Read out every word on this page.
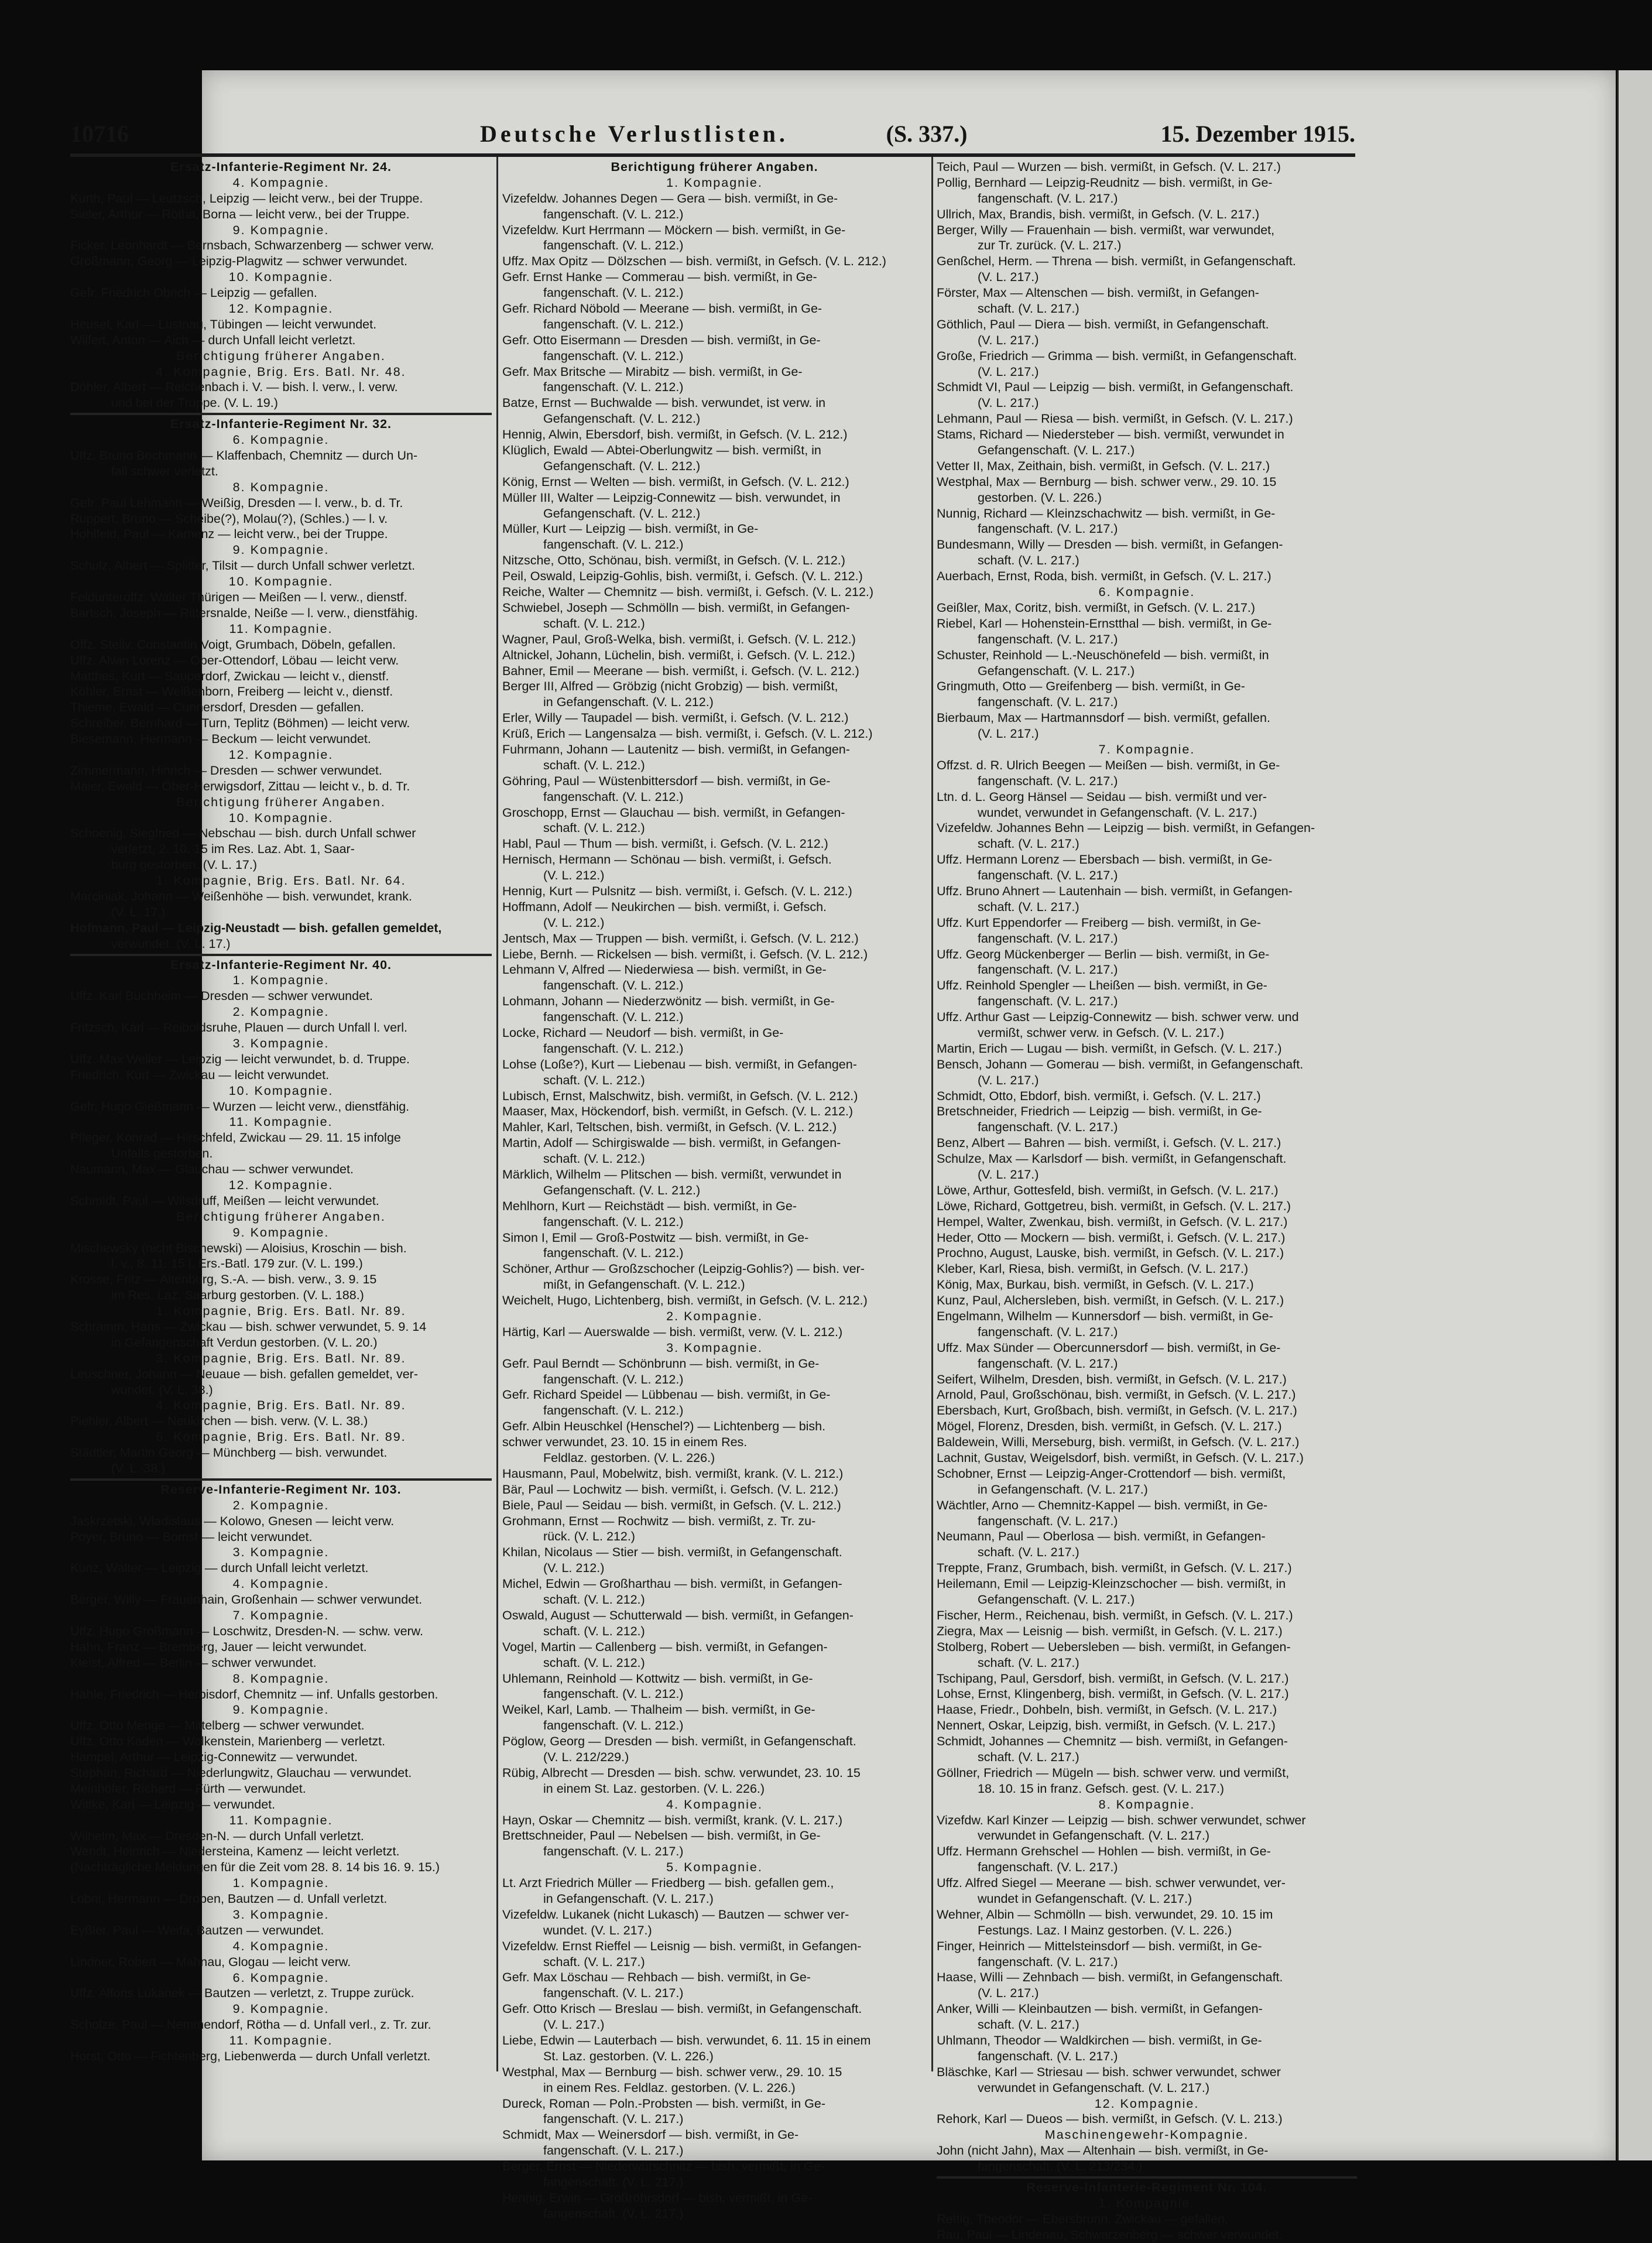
10716	Deutsche Verlustlisten.	(S. 337.)	15. Dezember 1915.
Ersatz-Infanterie-Regiment Nr. 24.
4. Kompagnie.
Kurth, Paul — Leutzsch, Leipzig — leicht verw., bei der Truppe.
Sieler, Arthur — Rötha, Borna — leicht verw., bei der Truppe.
9. Kompagnie.
Ficker, Leonhardt — Bernsbach, Schwarzenberg — schwer verw.
Großmann, Georg — Leipzig-Plagwitz — schwer verwundet.
10. Kompagnie.
Gefr. Friedrich Obrich — Leipzig — gefallen.
12. Kompagnie.
Heusel, Karl — Lustnau, Tübingen — leicht verwundet.
Wilfert, Anton — Aich — durch Unfall leicht verletzt.
Berichtigung früherer Angaben.
4. Kompagnie, Brig. Ers. Batl. Nr. 48.
Döhler, Albert — Reichenbach i. V. — bish. l. verw., l. verw.
und bei der Truppe. (V. L. 19.)
Ersatz-Infanterie-Regiment Nr. 32.
6. Kompagnie.
Uffz. Bruno Bochmann — Klaffenbach, Chemnitz — durch Un-
fall schwer verletzt.
8. Kompagnie.
Gefr. Paul Lehmann — Weißig, Dresden — l. verw., b. d. Tr.
Ruppert, Bruno — Scheibe(?), Molau(?), (Schles.) — l. v.
Hohlfeld, Paul — Kamenz — leicht verw., bei der Truppe.
9. Kompagnie.
Schulz, Albert — Splitter, Tilsit — durch Unfall schwer verletzt.
10. Kompagnie.
Feldunteroffz. Walter Thürigen — Meißen — l. verw., dienstf.
Bartsch, Joseph — Rittersnalde, Neiße — l. verw., dienstfähig.
11. Kompagnie.
Offz. Stellv. Constantin Voigt, Grumbach, Döbeln, gefallen.
Uffz. Alwin Lorenz — Ober-Ottendorf, Löbau — leicht verw.
Matthes, Kurt — Sauperdorf, Zwickau — leicht v., dienstf.
Köhler, Ernst — Weißenborn, Freiberg — leicht v., dienstf.
Thieme, Ewald — Cunnersdorf, Dresden — gefallen.
Schreiber, Bernhard — Turn, Teplitz (Böhmen) — leicht verw.
Biesemann, Hermann — Beckum — leicht verwundet.
12. Kompagnie.
Zimmermann, Hinrich — Dresden — schwer verwundet.
Maier, Ewald — Ober-Herwigsdorf, Zittau — leicht v., b. d. Tr.
Berichtigung früherer Angaben.
10. Kompagnie.
Schoenig, Siegfried — Nebschau — bish. durch Unfall schwer
verletzt, 2. 10. 15 im Res. Laz. Abt. 1, Saar-
burg gestorben. (V. L. 17.)
1. Kompagnie, Brig. Ers. Batl. Nr. 64.
Marciniak, Johann — Weißenhöhe — bish. verwundet, krank.
(V. L. 17.)
Hofmann, Paul — Leipzig-Neustadt — bish. gefallen gemeldet,
verwundet. (V. L. 17.)
Ersatz-Infanterie-Regiment Nr. 40.
1. Kompagnie.
Uffz. Karl Buchheim — Dresden — schwer verwundet.
2. Kompagnie.
Fritzsch, Karl — Reiboldsruhe, Plauen — durch Unfall l. verl.
3. Kompagnie.
Uffz. Max Weller — Leipzig — leicht verwundet, b. d. Truppe.
Friedrich, Kurt — Zwickau — leicht verwundet.
10. Kompagnie.
Gefr. Hugo Gießmann — Wurzen — leicht verw., dienstfähig.
11. Kompagnie.
Pfleger, Konrad — Hirschfeld, Zwickau — 29. 11. 15 infolge
Unfalls gestorben.
Naumann, Max — Glauchau — schwer verwundet.
12. Kompagnie.
Schmidt, Paul — Wilsdruff, Meißen — leicht verwundet.
Berichtigung früherer Angaben.
9. Kompagnie.
Mischewsky (nicht Bischewski) — Aloisius, Kroschin — bish.
l. v., 8. 11. 15 i. Ers.-Batl. 179 zur. (V. L. 199.)
Krosse, Fritz — Altenburg, S.-A. — bish. verw., 3. 9. 15
im Res. Laz. Saarburg gestorben. (V. L. 188.)
1. Kompagnie, Brig. Ers. Batl. Nr. 89.
Schramm, Hans — Zwickau — bish. schwer verwundet, 5. 9. 14
in Gefangenschaft Verdun gestorben. (V. L. 20.)
3. Kompagnie, Brig. Ers. Batl. Nr. 89.
Leuschner, Johann — Neuaue — bish. gefallen gemeldet, ver-
wundet. (V. L. 38.)
4. Kompagnie, Brig. Ers. Batl. Nr. 89.
Piehler, Albert — Neukirchen — bish. verw. (V. L. 38.)
6. Kompagnie, Brig. Ers. Batl. Nr. 89.
Städtler, Martin Georg — Münchberg — bish. verwundet.
(V. L. 38.)
Reserve-Infanterie-Regiment Nr. 103.
2. Kompagnie.
Jaskrzetski, Wladislaus — Kolowo, Gnesen — leicht verw.
Poyer, Bruno — Bomst — leicht verwundet.
3. Kompagnie.
Kunz, Walter — Leipzig — durch Unfall leicht verletzt.
4. Kompagnie.
Berger, Willy — Frauenhain, Großenhain — schwer verwundet.
7. Kompagnie.
Uffz. Hugo Großmann — Loschwitz, Dresden-N. — schw. verw.
Hahn, Franz — Bremberg, Jauer — leicht verwundet.
Kleist, Alfred — Berlin — schwer verwundet.
8. Kompagnie.
Hähle, Friedrich — Herbisdorf, Chemnitz — inf. Unfalls gestorben.
9. Kompagnie.
Uffz. Otto Menge — Mittelberg — schwer verwundet.
Uffz. Otto Kaden — Wolkenstein, Marienberg — verletzt.
Hampel, Arthur — Leipzig-Connewitz — verwundet.
Stephan, Richard — Niederlungwitz, Glauchau — verwundet.
Meinhöfer, Richard — Fürth — verwundet.
Wittke, Karl — Leipzig — verwundet.
11. Kompagnie.
Wilhelm, Max — Dresden-N. — durch Unfall verletzt.
Wendt, Heinrich — Niedersteina, Kamenz — leicht verletzt.
(Nachträgliche Meldungen für die Zeit vom 28. 8. 14 bis 16. 9. 15.)
1. Kompagnie.
Lobni, Hermann — Droben, Bautzen — d. Unfall verletzt.
3. Kompagnie.
Eyßler, Paul — Weifa, Bautzen — verwundet.
4. Kompagnie.
Lindner, Robert — Mahnau, Glogau — leicht verw.
6. Kompagnie.
Uffz. Alfons Lukanek — Bautzen — verletzt, z. Truppe zurück.
9. Kompagnie.
Scholze, Paul — Nemmendorf, Rötha — d. Unfall verl., z. Tr. zur.
11. Kompagnie.
Horst, Otto — Fichtenberg, Liebenwerda — durch Unfall verletzt.
Berichtigung früherer Angaben.
1. Kompagnie.
Vizefeldw. Johannes Degen — Gera — bish. vermißt, in Ge-
fangenschaft. (V. L. 212.)
Vizefeldw. Kurt Herrmann — Möckern — bish. vermißt, in Ge-
fangenschaft. (V. L. 212.)
Uffz. Max Opitz — Dölzschen — bish. vermißt, in Gefsch. (V. L. 212.)
Gefr. Ernst Hanke — Commerau — bish. vermißt, in Ge-
fangenschaft. (V. L. 212.)
Gefr. Richard Nöbold — Meerane — bish. vermißt, in Ge-
fangenschaft. (V. L. 212.)
Gefr. Otto Eisermann — Dresden — bish. vermißt, in Ge-
fangenschaft. (V. L. 212.)
Gefr. Max Britsche — Mirabitz — bish. vermißt, in Ge-
fangenschaft. (V. L. 212.)
Batze, Ernst — Buchwalde — bish. verwundet, ist verw. in
Gefangenschaft. (V. L. 212.)
Hennig, Alwin, Ebersdorf, bish. vermißt, in Gefsch. (V. L. 212.)
Klüglich, Ewald — Abtei-Oberlungwitz — bish. vermißt, in
Gefangenschaft. (V. L. 212.)
König, Ernst — Welten — bish. vermißt, in Gefsch. (V. L. 212.)
Müller III, Walter — Leipzig-Connewitz — bish. verwundet, in
Gefangenschaft. (V. L. 212.)
Müller, Kurt — Leipzig — bish. vermißt, in Ge-
fangenschaft. (V. L. 212.)
Nitzsche, Otto, Schönau, bish. vermißt, in Gefsch. (V. L. 212.)
Peil, Oswald, Leipzig-Gohlis, bish. vermißt, i. Gefsch. (V. L. 212.)
Reiche, Walter — Chemnitz — bish. vermißt, i. Gefsch. (V. L. 212.)
Schwiebel, Joseph — Schmölln — bish. vermißt, in Gefangen-
schaft. (V. L. 212.)
Wagner, Paul, Groß-Welka, bish. vermißt, i. Gefsch. (V. L. 212.)
Altnickel, Johann, Lüchelin, bish. vermißt, i. Gefsch. (V. L. 212.)
Bahner, Emil — Meerane — bish. vermißt, i. Gefsch. (V. L. 212.)
Berger III, Alfred — Gröbzig (nicht Grobzig) — bish. vermißt,
in Gefangenschaft. (V. L. 212.)
Erler, Willy — Taupadel — bish. vermißt, i. Gefsch. (V. L. 212.)
Krüß, Erich — Langensalza — bish. vermißt, i. Gefsch. (V. L. 212.)
Fuhrmann, Johann — Lautenitz — bish. vermißt, in Gefangen-
schaft. (V. L. 212.)
Göhring, Paul — Wüstenbittersdorf — bish. vermißt, in Ge-
fangenschaft. (V. L. 212.)
Groschopp, Ernst — Glauchau — bish. vermißt, in Gefangen-
schaft. (V. L. 212.)
Habl, Paul — Thum — bish. vermißt, i. Gefsch. (V. L. 212.)
Hernisch, Hermann — Schönau — bish. vermißt, i. Gefsch.
(V. L. 212.)
Hennig, Kurt — Pulsnitz — bish. vermißt, i. Gefsch. (V. L. 212.)
Hoffmann, Adolf — Neukirchen — bish. vermißt, i. Gefsch.
(V. L. 212.)
Jentsch, Max — Truppen — bish. vermißt, i. Gefsch. (V. L. 212.)
Liebe, Bernh. — Rickelsen — bish. vermißt, i. Gefsch. (V. L. 212.)
Lehmann V, Alfred — Niederwiesa — bish. vermißt, in Ge-
fangenschaft. (V. L. 212.)
Lohmann, Johann — Niederzwönitz — bish. vermißt, in Ge-
fangenschaft. (V. L. 212.)
Locke, Richard — Neudorf — bish. vermißt, in Ge-
fangenschaft. (V. L. 212.)
Lohse (Loße?), Kurt — Liebenau — bish. vermißt, in Gefangen-
schaft. (V. L. 212.)
Lubisch, Ernst, Malschwitz, bish. vermißt, in Gefsch. (V. L. 212.)
Maaser, Max, Höckendorf, bish. vermißt, in Gefsch. (V. L. 212.)
Mahler, Karl, Teltschen, bish. vermißt, in Gefsch. (V. L. 212.)
Martin, Adolf — Schirgiswalde — bish. vermißt, in Gefangen-
schaft. (V. L. 212.)
Märklich, Wilhelm — Plitschen — bish. vermißt, verwundet in
Gefangenschaft. (V. L. 212.)
Mehlhorn, Kurt — Reichstädt — bish. vermißt, in Ge-
fangenschaft. (V. L. 212.)
Simon I, Emil — Groß-Postwitz — bish. vermißt, in Ge-
fangenschaft. (V. L. 212.)
Schöner, Arthur — Großzschocher (Leipzig-Gohlis?) — bish. ver-
mißt, in Gefangenschaft. (V. L. 212.)
Weichelt, Hugo, Lichtenberg, bish. vermißt, in Gefsch. (V. L. 212.)
2. Kompagnie.
Härtig, Karl — Auerswalde — bish. vermißt, verw. (V. L. 212.)
3. Kompagnie.
Gefr. Paul Berndt — Schönbrunn — bish. vermißt, in Ge-
fangenschaft. (V. L. 212.)
Gefr. Richard Speidel — Lübbenau — bish. vermißt, in Ge-
fangenschaft. (V. L. 212.)
Gefr. Albin Heuschkel (Henschel?) — Lichtenberg — bish.
schwer verwundet, 23. 10. 15 in einem Res.
Feldlaz. gestorben. (V. L. 226.)
Hausmann, Paul, Mobelwitz, bish. vermißt, krank. (V. L. 212.)
Bär, Paul — Lochwitz — bish. vermißt, i. Gefsch. (V. L. 212.)
Biele, Paul — Seidau — bish. vermißt, in Gefsch. (V. L. 212.)
Grohmann, Ernst — Rochwitz — bish. vermißt, z. Tr. zu-
rück. (V. L. 212.)
Khilan, Nicolaus — Stier — bish. vermißt, in Gefangenschaft.
(V. L. 212.)
Michel, Edwin — Großharthau — bish. vermißt, in Gefangen-
schaft. (V. L. 212.)
Oswald, August — Schutterwald — bish. vermißt, in Gefangen-
schaft. (V. L. 212.)
Vogel, Martin — Callenberg — bish. vermißt, in Gefangen-
schaft. (V. L. 212.)
Uhlemann, Reinhold — Kottwitz — bish. vermißt, in Ge-
fangenschaft. (V. L. 212.)
Weikel, Karl, Lamb. — Thalheim — bish. vermißt, in Ge-
fangenschaft. (V. L. 212.)
Pöglow, Georg — Dresden — bish. vermißt, in Gefangenschaft.
(V. L. 212/229.)
Rübig, Albrecht — Dresden — bish. schw. verwundet, 23. 10. 15
in einem St. Laz. gestorben. (V. L. 226.)
4. Kompagnie.
Hayn, Oskar — Chemnitz — bish. vermißt, krank. (V. L. 217.)
Brettschneider, Paul — Nebelsen — bish. vermißt, in Ge-
fangenschaft. (V. L. 217.)
5. Kompagnie.
Lt. Arzt Friedrich Müller — Friedberg — bish. gefallen gem.,
in Gefangenschaft. (V. L. 217.)
Vizefeldw. Lukanek (nicht Lukasch) — Bautzen — schwer ver-
wundet. (V. L. 217.)
Vizefeldw. Ernst Rieffel — Leisnig — bish. vermißt, in Gefangen-
schaft. (V. L. 217.)
Gefr. Max Löschau — Rehbach — bish. vermißt, in Ge-
fangenschaft. (V. L. 217.)
Gefr. Otto Krisch — Breslau — bish. vermißt, in Gefangenschaft.
(V. L. 217.)
Liebe, Edwin — Lauterbach — bish. verwundet, 6. 11. 15 in einem
St. Laz. gestorben. (V. L. 226.)
Westphal, Max — Bernburg — bish. schwer verw., 29. 10. 15
in einem Res. Feldlaz. gestorben. (V. L. 226.)
Dureck, Roman — Poln.-Probsten — bish. vermißt, in Ge-
fangenschaft. (V. L. 217.)
Schmidt, Max — Weinersdorf — bish. vermißt, in Ge-
fangenschaft. (V. L. 217.)
Berger, Ernst — Niederwürschnitz — bish. vermißt, in Ge-
fangenschaft. (V. L. 217.)
Hennig, Erwin — Großröhrsdorf — bish. vermißt, in Ge-
fangenschaft. (V. L. 217.)
Teich, Paul — Wurzen — bish. vermißt, in Gefsch. (V. L. 217.)
Pollig, Bernhard — Leipzig-Reudnitz — bish. vermißt, in Ge-
fangenschaft. (V. L. 217.)
Ullrich, Max, Brandis, bish. vermißt, in Gefsch. (V. L. 217.)
Berger, Willy — Frauenhain — bish. vermißt, war verwundet,
zur Tr. zurück. (V. L. 217.)
Genßchel, Herm. — Threna — bish. vermißt, in Gefangenschaft.
(V. L. 217.)
Förster, Max — Altenschen — bish. vermißt, in Gefangen-
schaft. (V. L. 217.)
Göthlich, Paul — Diera — bish. vermißt, in Gefangenschaft.
(V. L. 217.)
Große, Friedrich — Grimma — bish. vermißt, in Gefangenschaft.
(V. L. 217.)
Schmidt VI, Paul — Leipzig — bish. vermißt, in Gefangenschaft.
(V. L. 217.)
Lehmann, Paul — Riesa — bish. vermißt, in Gefsch. (V. L. 217.)
Stams, Richard — Niedersteber — bish. vermißt, verwundet in
Gefangenschaft. (V. L. 217.)
Vetter II, Max, Zeithain, bish. vermißt, in Gefsch. (V. L. 217.)
Westphal, Max — Bernburg — bish. schwer verw., 29. 10. 15
gestorben. (V. L. 226.)
Nunnig, Richard — Kleinzschachwitz — bish. vermißt, in Ge-
fangenschaft. (V. L. 217.)
Bundesmann, Willy — Dresden — bish. vermißt, in Gefangen-
schaft. (V. L. 217.)
Auerbach, Ernst, Roda, bish. vermißt, in Gefsch. (V. L. 217.)
6. Kompagnie.
Geißler, Max, Coritz, bish. vermißt, in Gefsch. (V. L. 217.)
Riebel, Karl — Hohenstein-Ernstthal — bish. vermißt, in Ge-
fangenschaft. (V. L. 217.)
Schuster, Reinhold — L.-Neuschönefeld — bish. vermißt, in
Gefangenschaft. (V. L. 217.)
Gringmuth, Otto — Greifenberg — bish. vermißt, in Ge-
fangenschaft. (V. L. 217.)
Bierbaum, Max — Hartmannsdorf — bish. vermißt, gefallen.
(V. L. 217.)
7. Kompagnie.
Offzst. d. R. Ulrich Beegen — Meißen — bish. vermißt, in Ge-
fangenschaft. (V. L. 217.)
Ltn. d. L. Georg Hänsel — Seidau — bish. vermißt und ver-
wundet, verwundet in Gefangenschaft. (V. L. 217.)
Vizefeldw. Johannes Behn — Leipzig — bish. vermißt, in Gefangen-
schaft. (V. L. 217.)
Uffz. Hermann Lorenz — Ebersbach — bish. vermißt, in Ge-
fangenschaft. (V. L. 217.)
Uffz. Bruno Ahnert — Lautenhain — bish. vermißt, in Gefangen-
schaft. (V. L. 217.)
Uffz. Kurt Eppendorfer — Freiberg — bish. vermißt, in Ge-
fangenschaft. (V. L. 217.)
Uffz. Georg Mückenberger — Berlin — bish. vermißt, in Ge-
fangenschaft. (V. L. 217.)
Uffz. Reinhold Spengler — Lheißen — bish. vermißt, in Ge-
fangenschaft. (V. L. 217.)
Uffz. Arthur Gast — Leipzig-Connewitz — bish. schwer verw. und
vermißt, schwer verw. in Gefsch. (V. L. 217.)
Martin, Erich — Lugau — bish. vermißt, in Gefsch. (V. L. 217.)
Bensch, Johann — Gomerau — bish. vermißt, in Gefangenschaft.
(V. L. 217.)
Schmidt, Otto, Ebdorf, bish. vermißt, i. Gefsch. (V. L. 217.)
Bretschneider, Friedrich — Leipzig — bish. vermißt, in Ge-
fangenschaft. (V. L. 217.)
Benz, Albert — Bahren — bish. vermißt, i. Gefsch. (V. L. 217.)
Schulze, Max — Karlsdorf — bish. vermißt, in Gefangenschaft.
(V. L. 217.)
Löwe, Arthur, Gottesfeld, bish. vermißt, in Gefsch. (V. L. 217.)
Löwe, Richard, Gottgetreu, bish. vermißt, in Gefsch. (V. L. 217.)
Hempel, Walter, Zwenkau, bish. vermißt, in Gefsch. (V. L. 217.)
Heder, Otto — Mockern — bish. vermißt, i. Gefsch. (V. L. 217.)
Prochno, August, Lauske, bish. vermißt, in Gefsch. (V. L. 217.)
Kleber, Karl, Riesa, bish. vermißt, in Gefsch. (V. L. 217.)
König, Max, Burkau, bish. vermißt, in Gefsch. (V. L. 217.)
Kunz, Paul, Alchersleben, bish. vermißt, in Gefsch. (V. L. 217.)
Engelmann, Wilhelm — Kunnersdorf — bish. vermißt, in Ge-
fangenschaft. (V. L. 217.)
Uffz. Max Sünder — Obercunnersdorf — bish. vermißt, in Ge-
fangenschaft. (V. L. 217.)
Seifert, Wilhelm, Dresden, bish. vermißt, in Gefsch. (V. L. 217.)
Arnold, Paul, Großschönau, bish. vermißt, in Gefsch. (V. L. 217.)
Ebersbach, Kurt, Großbach, bish. vermißt, in Gefsch. (V. L. 217.)
Mögel, Florenz, Dresden, bish. vermißt, in Gefsch. (V. L. 217.)
Baldewein, Willi, Merseburg, bish. vermißt, in Gefsch. (V. L. 217.)
Lachnit, Gustav, Weigelsdorf, bish. vermißt, in Gefsch. (V. L. 217.)
Schobner, Ernst — Leipzig-Anger-Crottendorf — bish. vermißt,
in Gefangenschaft. (V. L. 217.)
Wächtler, Arno — Chemnitz-Kappel — bish. vermißt, in Ge-
fangenschaft. (V. L. 217.)
Neumann, Paul — Oberlosa — bish. vermißt, in Gefangen-
schaft. (V. L. 217.)
Treppte, Franz, Grumbach, bish. vermißt, in Gefsch. (V. L. 217.)
Heilemann, Emil — Leipzig-Kleinzschocher — bish. vermißt, in
Gefangenschaft. (V. L. 217.)
Fischer, Herm., Reichenau, bish. vermißt, in Gefsch. (V. L. 217.)
Ziegra, Max — Leisnig — bish. vermißt, in Gefsch. (V. L. 217.)
Stolberg, Robert — Uebersleben — bish. vermißt, in Gefangen-
schaft. (V. L. 217.)
Tschipang, Paul, Gersdorf, bish. vermißt, in Gefsch. (V. L. 217.)
Lohse, Ernst, Klingenberg, bish. vermißt, in Gefsch. (V. L. 217.)
Haase, Friedr., Dohbeln, bish. vermißt, in Gefsch. (V. L. 217.)
Nennert, Oskar, Leipzig, bish. vermißt, in Gefsch. (V. L. 217.)
Schmidt, Johannes — Chemnitz — bish. vermißt, in Gefangen-
schaft. (V. L. 217.)
Göllner, Friedrich — Mügeln — bish. schwer verw. und vermißt,
18. 10. 15 in franz. Gefsch. gest. (V. L. 217.)
8. Kompagnie.
Vizefdw. Karl Kinzer — Leipzig — bish. schwer verwundet, schwer
verwundet in Gefangenschaft. (V. L. 217.)
Uffz. Hermann Grehschel — Hohlen — bish. vermißt, in Ge-
fangenschaft. (V. L. 217.)
Uffz. Alfred Siegel — Meerane — bish. schwer verwundet, ver-
wundet in Gefangenschaft. (V. L. 217.)
Wehner, Albin — Schmölln — bish. verwundet, 29. 10. 15 im
Festungs. Laz. I Mainz gestorben. (V. L. 226.)
Finger, Heinrich — Mittelsteinsdorf — bish. vermißt, in Ge-
fangenschaft. (V. L. 217.)
Haase, Willi — Zehnbach — bish. vermißt, in Gefangenschaft.
(V. L. 217.)
Anker, Willi — Kleinbautzen — bish. vermißt, in Gefangen-
schaft. (V. L. 217.)
Uhlmann, Theodor — Waldkirchen — bish. vermißt, in Ge-
fangenschaft. (V. L. 217.)
Bläschke, Karl — Striesau — bish. schwer verwundet, schwer
verwundet in Gefangenschaft. (V. L. 217.)
12. Kompagnie.
Rehork, Karl — Dueos — bish. vermißt, in Gefsch. (V. L. 213.)
Maschinengewehr-Kompagnie.
John (nicht Jahn), Max — Altenhain — bish. vermißt, in Ge-
fangenschaft. (V. L. 213/234.)
Reserve-Infanterie-Regiment Nr. 104.
1. Kompagnie.
Rettig, Theodor — Ebersbrunn, Zwickau — gefallen.
Rau, Paul — Lindenau, Schwarzenberg — schwer verwundet.
